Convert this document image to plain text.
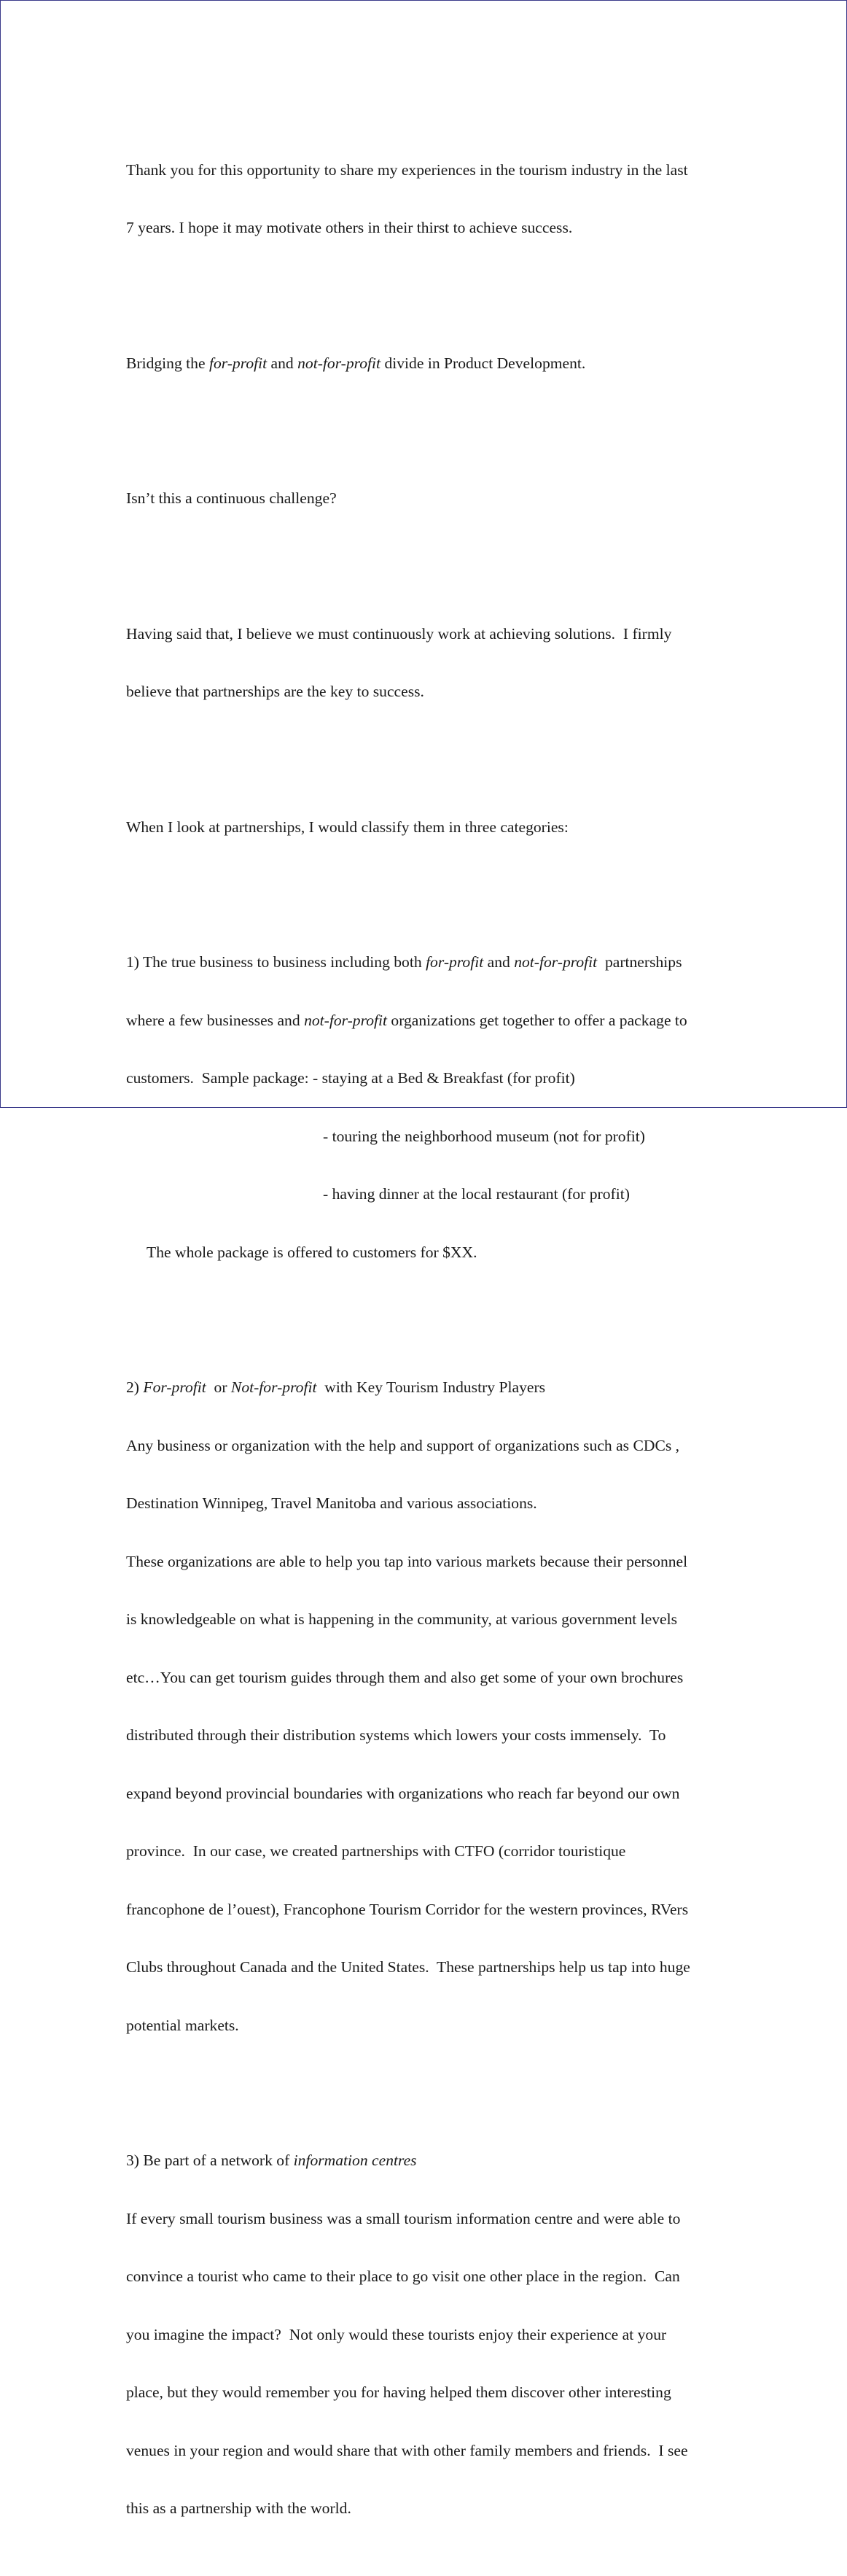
Thank you for this opportunity to share my experiences in the tourism industry in the last

7 years. I hope it may motivate others in their thirst to achieve success.

Bridging the for-profit and not-for-profit divide in Product Development.

Isn’t this a continuous challenge?

Having said that, I believe we must continuously work at achieving solutions.  I firmly

believe that partnerships are the key to success.

When I look at partnerships, I would classify them in three categories:

1) The true business to business including both for-profit and not-for-profit  partnerships

where a few businesses and not-for-profit organizations get together to offer a package to

customers.  Sample package: - staying at a Bed & Breakfast (for profit)

- touring the neighborhood museum (not for profit)

- having dinner at the local restaurant (for profit)

The whole package is offered to customers for $XX.

2) For-profit  or Not-for-profit  with Key Tourism Industry Players

Any business or organization with the help and support of organizations such as CDCs ,

Destination Winnipeg, Travel Manitoba and various associations.

These organizations are able to help you tap into various markets because their personnel

is knowledgeable on what is happening in the community, at various government levels

etc…You can get tourism guides through them and also get some of your own brochures

distributed through their distribution systems which lowers your costs immensely.  To

expand beyond provincial boundaries with organizations who reach far beyond our own

province.  In our case, we created partnerships with CTFO (corridor touristique

francophone de l’ouest), Francophone Tourism Corridor for the western provinces, RVers

Clubs throughout Canada and the United States.  These partnerships help us tap into huge

potential markets.

3) Be part of a network of information centres

If every small tourism business was a small tourism information centre and were able to

convince a tourist who came to their place to go visit one other place in the region.  Can

you imagine the impact?  Not only would these tourists enjoy their experience at your

place, but they would remember you for having helped them discover other interesting

venues in your region and would share that with other family members and friends.  I see

this as a partnership with the world.
